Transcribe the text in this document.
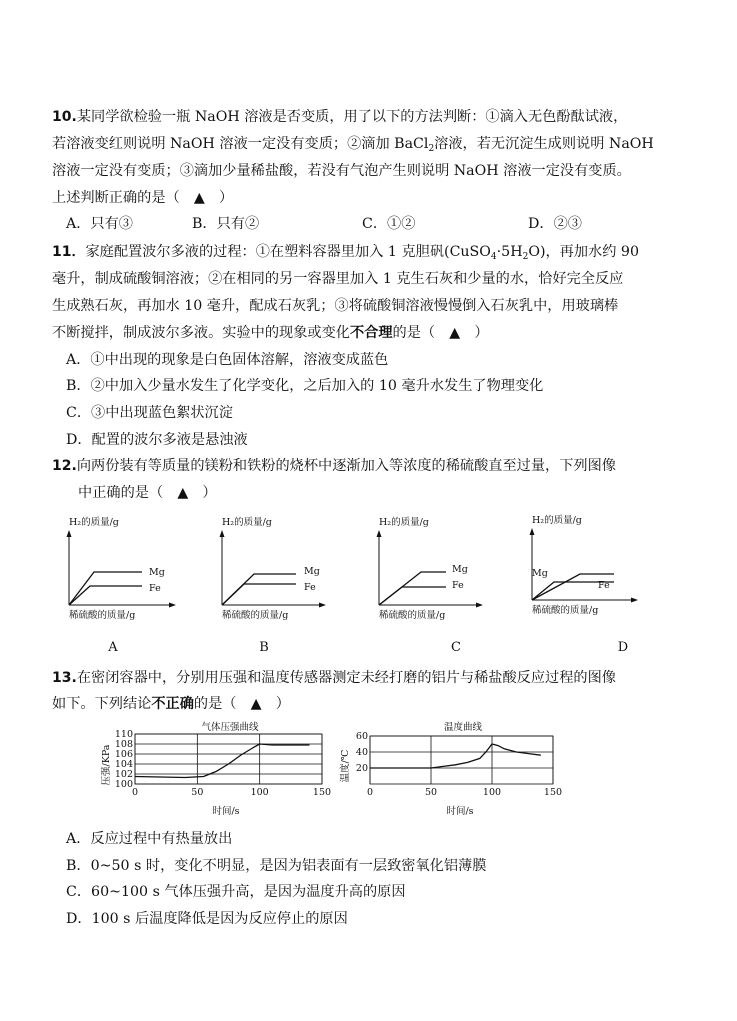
10.某同学欲检验一瓶 NaOH 溶液是否变质，用了以下的方法判断：①滴入无色酚酞试液，
若溶液变红则说明 NaOH 溶液一定没有变质；②滴加 BaCl$_2$溶液，若无沉淀生成则说明 NaOH
溶液一定没有变质；③滴加少量稀盐酸，若没有气泡产生则说明 NaOH 溶液一定没有变质。
上述判断正确的是（　▲　）
A．只有③	B．只有②	C．①②	D．②③
11．家庭配置波尔多液的过程：①在塑料容器里加入 1 克胆矾$(CuSO_4\cdot 5H_2O)$，再加水约 90
毫升，制成硫酸铜溶液；②在相同的另一容器里加入 1 克生石灰和少量的水，恰好完全反应
生成熟石灰，再加水 10 毫升，配成石灰乳；③将硫酸铜溶液慢慢倒入石灰乳中，用玻璃棒
不断搅拌，制成波尔多液。实验中的现象或变化不合理的是（　▲　）
A．①中出现的现象是白色固体溶解，溶液变成蓝色
B．②中加入少量水发生了化学变化，之后加入的 10 毫升水发生了物理变化
C．③中出现蓝色絮状沉淀
D．配置的波尔多液是悬浊液
12.向两份装有等质量的镁粉和铁粉的烧杯中逐渐加入等浓度的稀硫酸直至过量，下列图像
中正确的是（　▲　）
H₂的质量/g
Mg
Fe
稀硫酸的质量/g
H₂的质量/g
Mg
Fe
稀硫酸的质量/g
H₂的质量/g
Mg
Fe
稀硫酸的质量/g
H₂的质量/g
Mg
Fe
稀硫酸的质量/g
A	B	C	D
13.在密闭容器中，分别用压强和温度传感器测定未经打磨的铝片与稀盐酸反应过程的图像
如下。下列结论不正确的是（　▲　）
气体压强曲线
压强/KPa
时间/s
100
102
104
106
108
110
0	50	100	150
温度曲线
温度/℃
时间/s
20
40
60
0	50	100	150
A．反应过程中有热量放出
B．0~50 s 时，变化不明显，是因为铝表面有一层致密氧化铝薄膜
C．60~100 s 气体压强升高，是因为温度升高的原因
D．100 s 后温度降低是因为反应停止的原因
